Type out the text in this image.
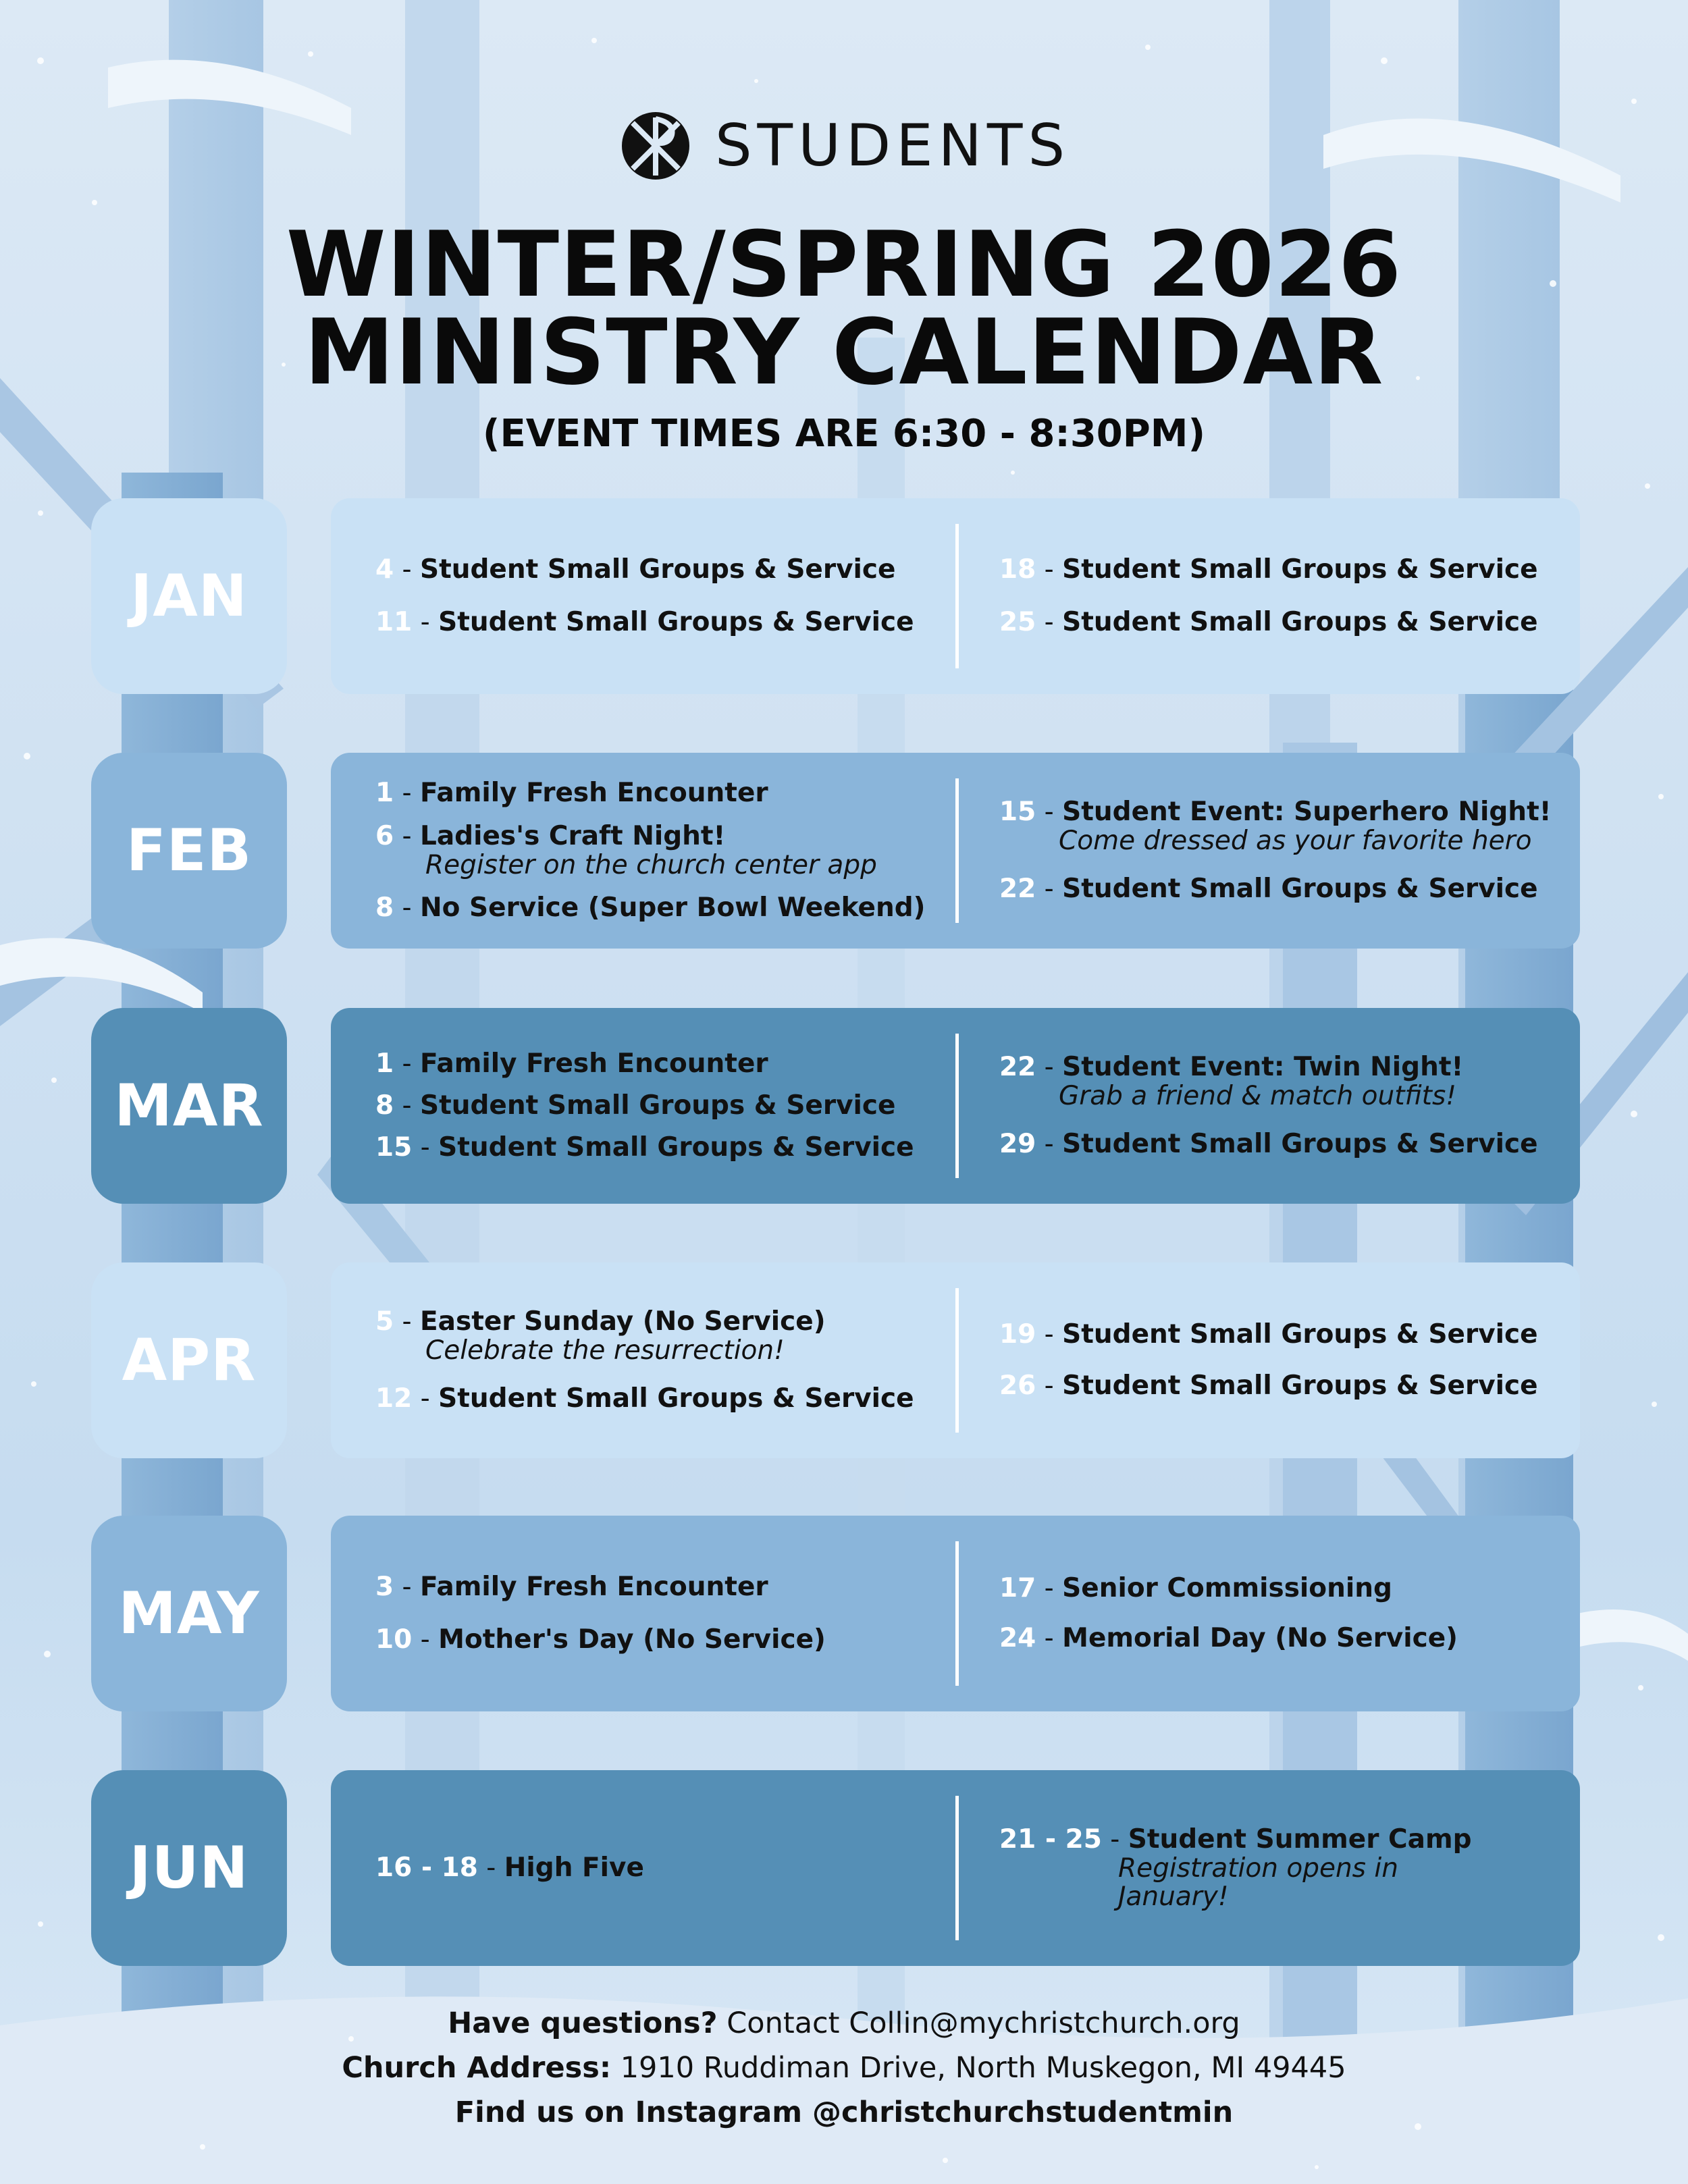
STUDENTS
WINTER/SPRING 2026
MINISTRY CALENDAR
(EVENT TIMES ARE 6:30 - 8:30PM)
JAN	4 - Student Small Groups & Service
11 - Student Small Groups & Service
18 - Student Small Groups & Service
25 - Student Small Groups & Service
FEB
1 - Family Fresh Encounter
6 - Ladies's Craft Night!
Register on the church center app
8 - No Service (Super Bowl Weekend)
15 - Student Event: Superhero Night!
Come dressed as your favorite hero
22 - Student Small Groups & Service
MAR
1 - Family Fresh Encounter
8 - Student Small Groups & Service
15 - Student Small Groups & Service
22 - Student Event: Twin Night!
Grab a friend & match outfits!
29 - Student Small Groups & Service
APR
5 - Easter Sunday (No Service)
Celebrate the resurrection!
12 - Student Small Groups & Service
19 - Student Small Groups & Service
26 - Student Small Groups & Service
MAY	3 - Family Fresh Encounter
10 - Mother's Day (No Service)
17 - Senior Commissioning
24 - Memorial Day (No Service)
JUN	16 - 18 - High Five
21 - 25 - Student Summer Camp
Registration opens in
January!
Have questions? Contact Collin@mychristchurch.org
Church Address: 1910 Ruddiman Drive, North Muskegon, MI 49445
Find us on Instagram @christchurchstudentmin
